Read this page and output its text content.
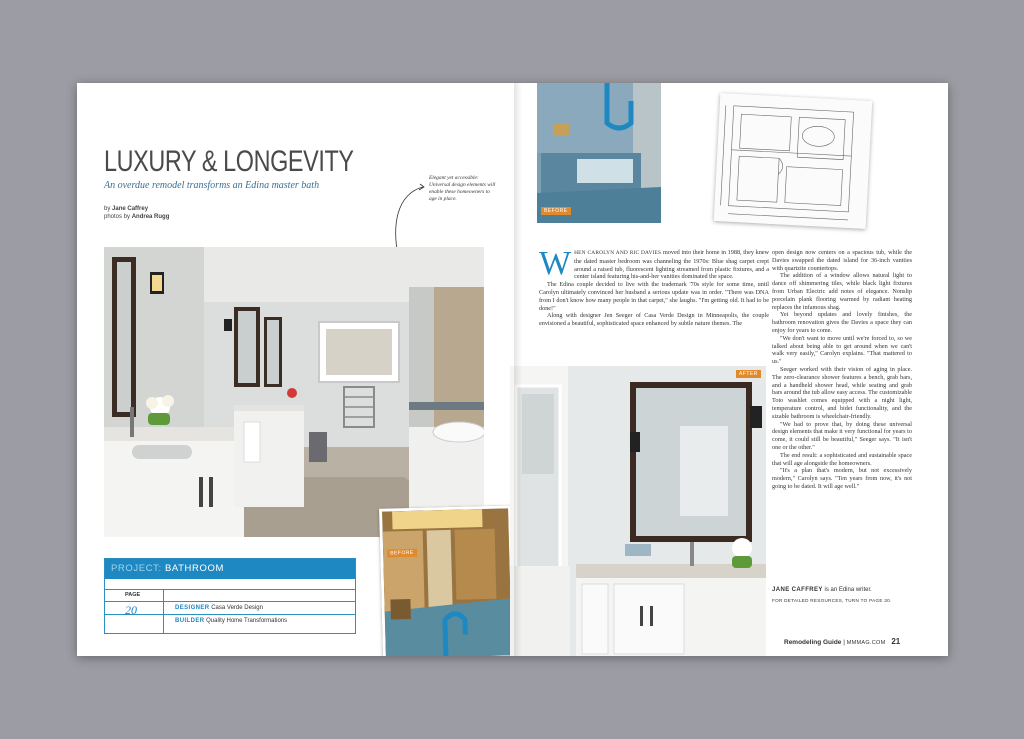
LUXURY & LONGEVITY
An overdue remodel transforms an Edina master bath
by Jane Caffrey
photos by Andrea Rugg
Elegant yet accessible: Universal design elements will enable these homeowners to age in place.
PROJECT: BATHROOM
PAGE
20	DESIGNER Casa Verde Design
BUILDER Quality Home Transformations
BEFORE
BEFORE
W HEN CAROLYN AND RIC DAVIES moved into their home in 1988, they knew the dated master bedroom was channeling the 1970s: Blue shag carpet crept around a raised tub, fluorescent lighting streamed from plastic fixtures, and a center island featuring his-and-her vanities dominated the space.

The Edina couple decided to live with the trademark '70s style for some time, until Carolyn ultimately convinced her husband a serious update was in order. "There was DNA from I don't know how many people in that carpet," she laughs. "I'm getting old. It had to be done!"

Along with designer Jen Seeger of Casa Verde Design in Minneapolis, the couple envisioned a beautiful, sophisticated space enhanced by subtle nature themes. The

open design now centers on a spacious tub, while the Davies swapped the dated island for 36-inch vanities with quartzite countertops.

The addition of a window allows natural light to dance off shimmering tiles, while black light fixtures from Urban Electric add notes of elegance. Nonslip porcelain plank flooring warmed by radiant heating replaces the infamous shag.

Yet beyond updates and lovely finishes, the bathroom renovation gives the Davies a space they can enjoy for years to come.

"We don't want to move until we're forced to, so we talked about being able to get around when we can't walk very easily," Carolyn explains. "That mattered to us."

Seeger worked with their vision of aging in place. The zero-clearance shower features a bench, grab bars, and a handheld shower head, while seating and grab bars around the tub allow easy access. The customizable Toto washlet comes equipped with a night light, temperature control, and bidet functionality, and the sizable bathroom is wheelchair-friendly.

"We had to prove that, by doing these universal design elements that make it very functional for years to come, it could still be beautiful," Seeger says. "It isn't one or the other."

The end result: a sophisticated and sustainable space that will age alongside the homeowners.

"It's a plan that's modern, but not excessively modern," Carolyn says. "Ten years from now, it's not going to be dated. It will age well."

AFTER
JANE CAFFREY is an Edina writer.
FOR DETAILED RESOURCES, TURN TO PAGE 30.
Remodeling Guide | MMMAG.COM 21
